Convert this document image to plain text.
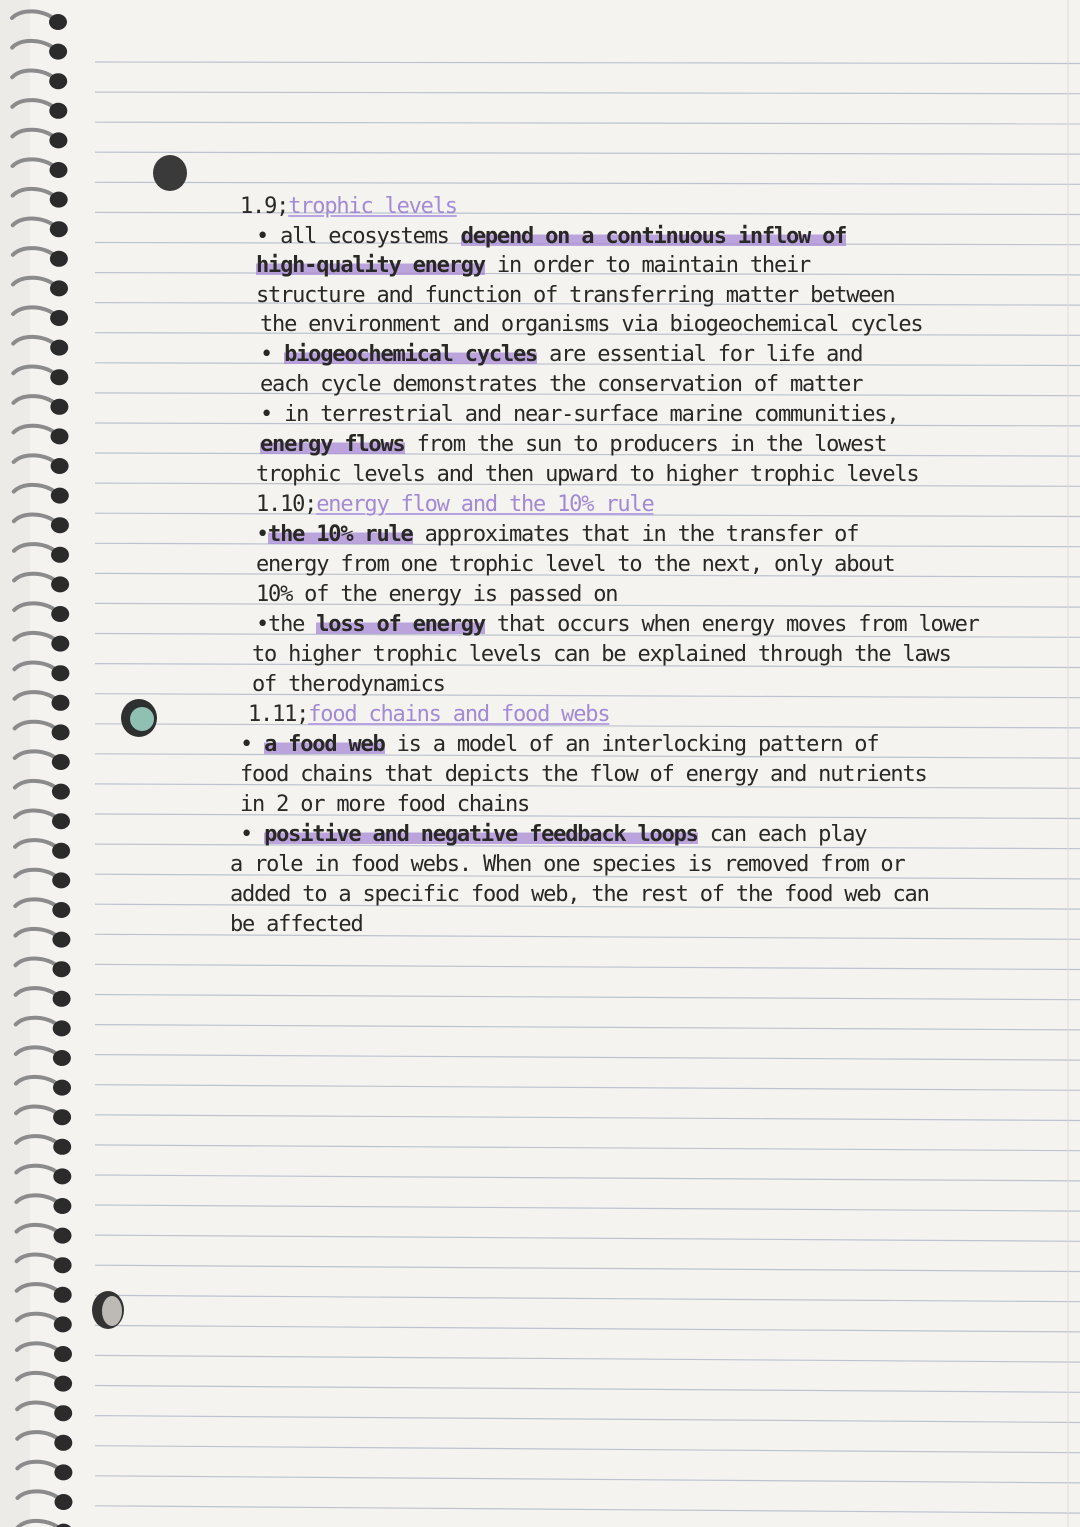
1.9;trophic levels
• all ecosystems depend on a continuous inflow of
high-quality energy in order to maintain their
structure and function of transferring matter between
the environment and organisms via biogeochemical cycles
• biogeochemical cycles are essential for life and
each cycle demonstrates the conservation of matter
• in terrestrial and near-surface marine communities,
energy flows from the sun to producers in the lowest
trophic levels and then upward to higher trophic levels
1.10;energy flow and the 10% rule
•the 10% rule approximates that in the transfer of
energy from one trophic level to the next, only about
10% of the energy is passed on
•the loss of energy that occurs when energy moves from lower
to higher trophic levels can be explained through the laws
of therodynamics
1.11;food chains and food webs
• a food web is a model of an interlocking pattern of
food chains that depicts the flow of energy and nutrients
in 2 or more food chains
• positive and negative feedback loops can each play
a role in food webs. When one species is removed from or
added to a specific food web, the rest of the food web can
be affected
